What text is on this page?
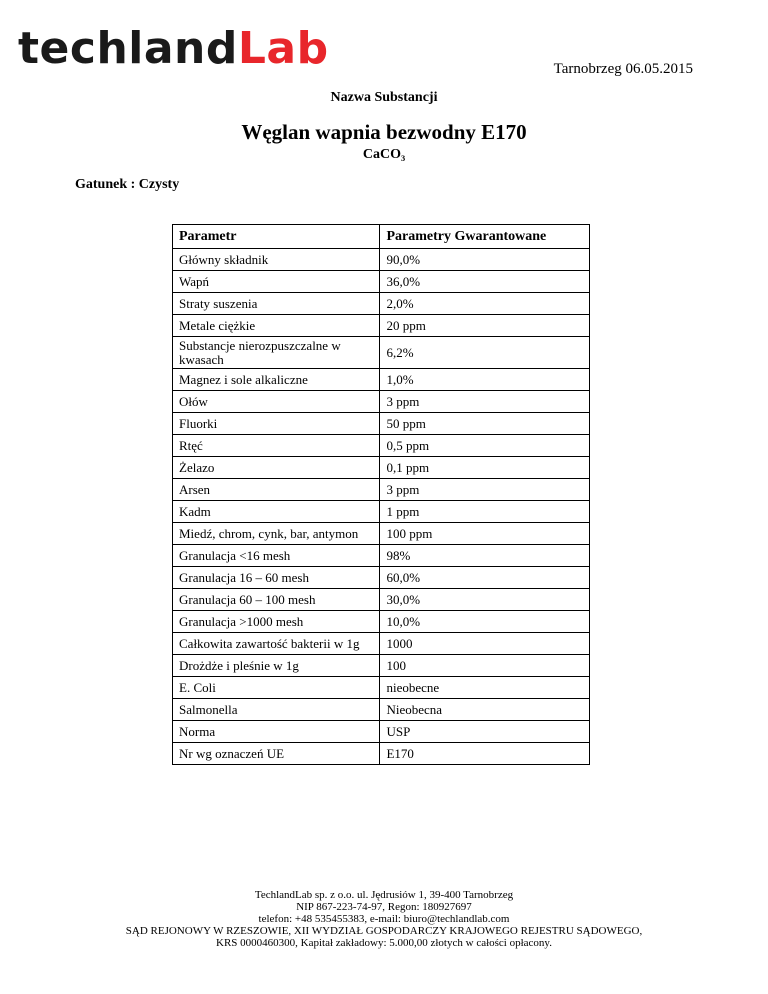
techlandLab	Tarnobrzeg 06.05.2015
Nazwa Substancji
Węglan wapnia bezwodny E170
CaCO₃
Gatunek : Czysty
Parametr	Parametry Gwarantowane
Główny składnik	90,0%
Wapń	36,0%
Straty suszenia	2,0%
Metale ciężkie	20 ppm
Substancje nierozpuszczalne w kwasach	6,2%
Magnez i sole alkaliczne	1,0%
Ołów	3 ppm
Fluorki	50 ppm
Rtęć	0,5 ppm
Żelazo	0,1 ppm
Arsen	3 ppm
Kadm	1 ppm
Miedź, chrom, cynk, bar, antymon	100 ppm
Granulacja <16 mesh	98%
Granulacja 16 – 60 mesh	60,0%
Granulacja 60 – 100 mesh	30,0%
Granulacja >1000 mesh	10,0%
Całkowita zawartość bakterii w 1g	1000
Drożdże i pleśnie w 1g	100
E. Coli	nieobecne
Salmonella	Nieobecna
Norma	USP
Nr wg oznaczeń UE	E170
TechlandLab sp. z o.o. ul. Jędrusiów 1, 39-400 Tarnobrzeg
NIP 867-223-74-97, Regon: 180927697
telefon: +48 535455383, e-mail: biuro@techlandlab.com
SĄD REJONOWY W RZESZOWIE, XII WYDZIAŁ GOSPODARCZY KRAJOWEGO REJESTRU SĄDOWEGO,
KRS 0000460300, Kapitał zakładowy: 5.000,00 złotych w całości opłacony.
